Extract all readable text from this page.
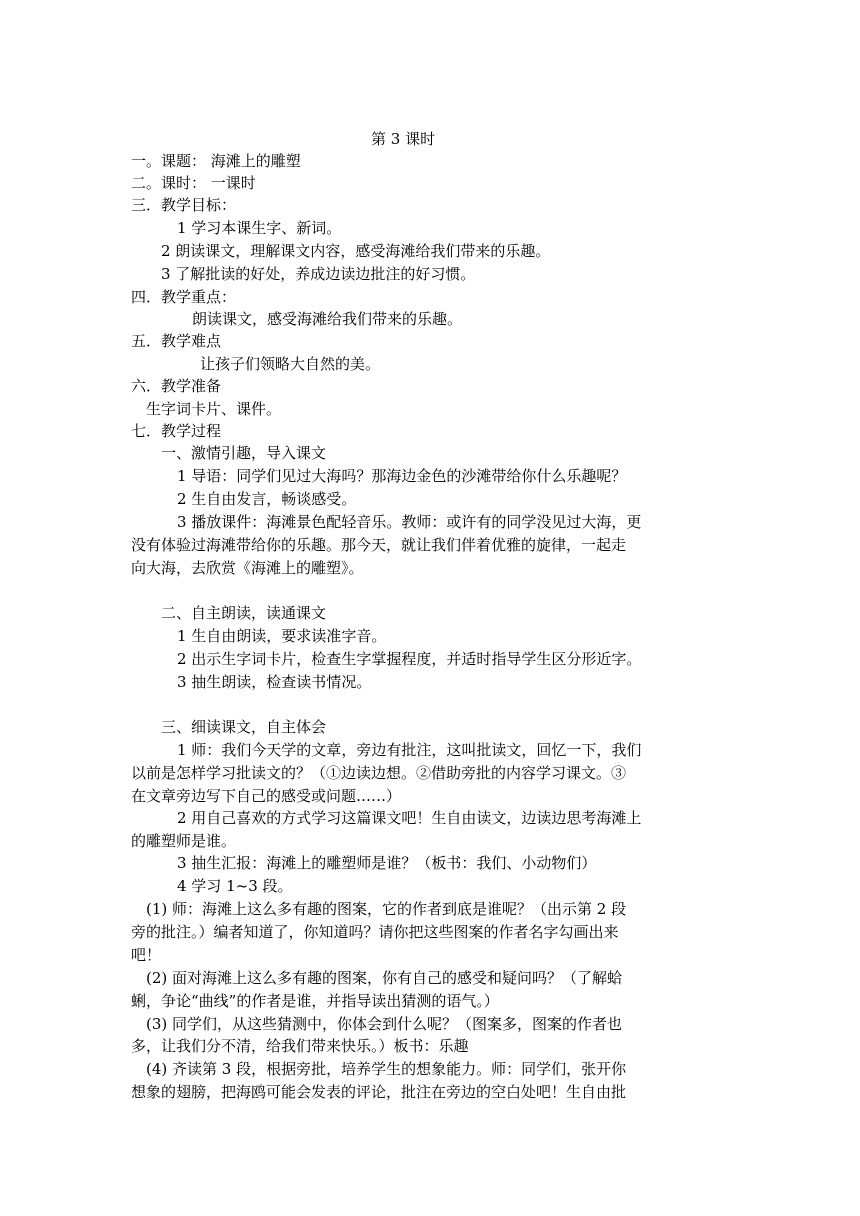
第 3 课时
一。课题： 海滩上的雕塑
二。课时： 一课时
三．教学目标：
1 学习本课生字、新词。
2 朗读课文，理解课文内容，感受海滩给我们带来的乐趣。
3 了解批读的好处，养成边读边批注的好习惯。
四．教学重点：
朗读课文，感受海滩给我们带来的乐趣。
五．教学难点
让孩子们领略大自然的美。
六．教学准备
生字词卡片、课件。
七．教学过程
一、激情引趣，导入课文
1 导语：同学们见过大海吗？那海边金色的沙滩带给你什么乐趣呢？
2 生自由发言，畅谈感受。
3 播放课件：海滩景色配轻音乐。教师：或许有的同学没见过大海，更
没有体验过海滩带给你的乐趣。那今天，就让我们伴着优雅的旋律，一起走
向大海，去欣赏《海滩上的雕塑》。
二、自主朗读，读通课文
1 生自由朗读，要求读准字音。
2 出示生字词卡片，检查生字掌握程度，并适时指导学生区分形近字。
3 抽生朗读，检查读书情况。
三、细读课文，自主体会
1 师：我们今天学的文章，旁边有批注，这叫批读文，回忆一下，我们
以前是怎样学习批读文的？（①边读边想。②借助旁批的内容学习课文。③
在文章旁边写下自己的感受或问题……）
2 用自己喜欢的方式学习这篇课文吧！生自由读文，边读边思考海滩上
的雕塑师是谁。
3 抽生汇报：海滩上的雕塑师是谁？（板书：我们、小动物们）
4 学习 1~3 段。
(1) 师：海滩上这么多有趣的图案，它的作者到底是谁呢？（出示第 2 段
旁的批注。）编者知道了，你知道吗？请你把这些图案的作者名字勾画出来
吧！
(2) 面对海滩上这么多有趣的图案，你有自己的感受和疑问吗？（了解蛤
蜊，争论“曲线”的作者是谁，并指导读出猜测的语气。）
(3) 同学们，从这些猜测中，你体会到什么呢？（图案多，图案的作者也
多，让我们分不清，给我们带来快乐。）板书：乐趣
(4) 齐读第 3 段，根据旁批，培养学生的想象能力。师：同学们，张开你
想象的翅膀，把海鸥可能会发表的评论，批注在旁边的空白处吧！生自由批
